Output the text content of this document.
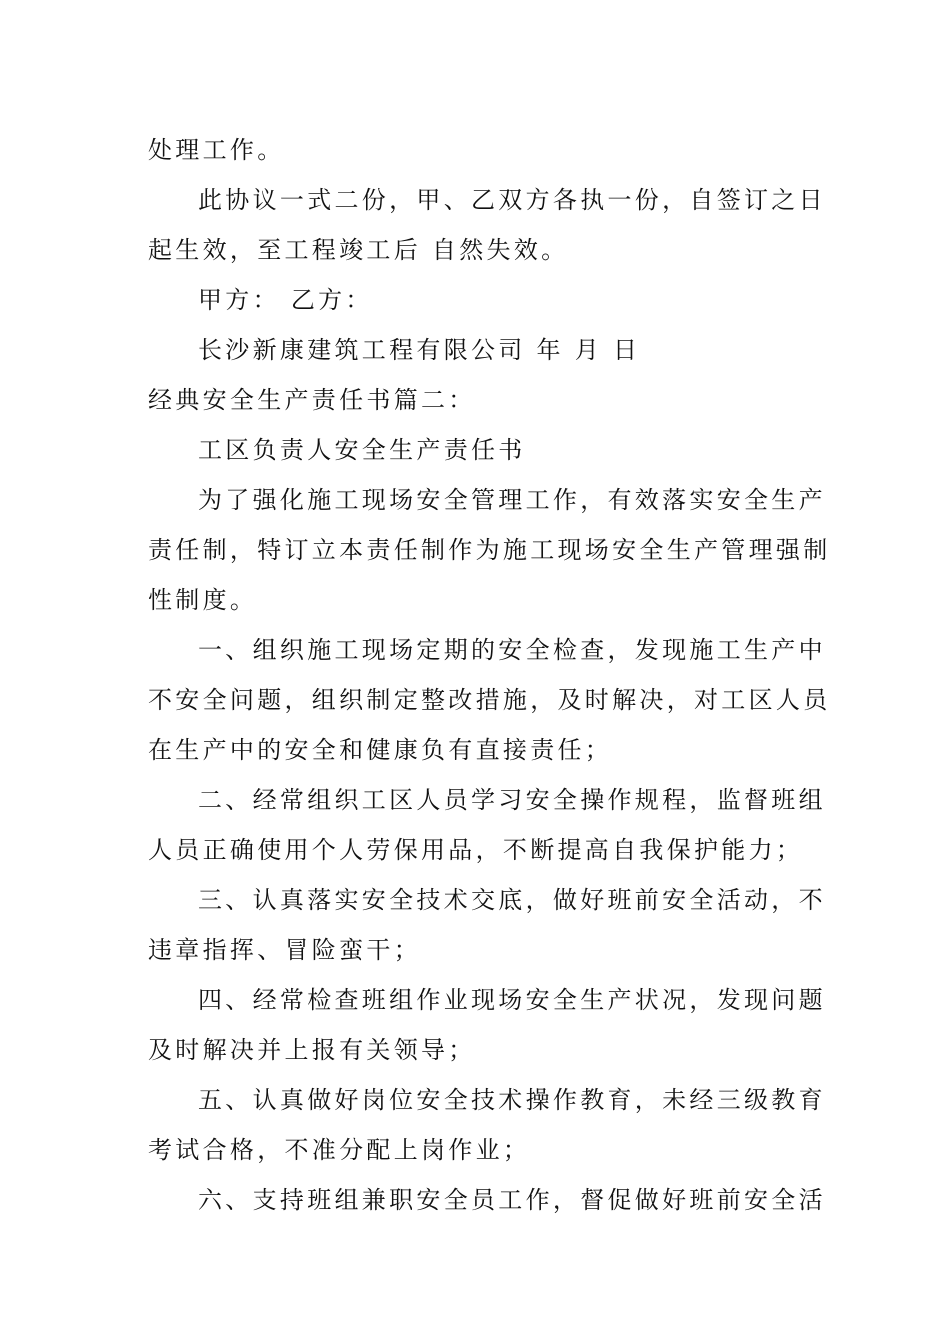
处理工作。
此协议一式二份，甲、乙双方各执一份，自签订之日
起生效，至工程竣工后 自然失效。
甲方： 乙方：
长沙新康建筑工程有限公司 年 月 日
经典安全生产责任书篇二：
工区负责人安全生产责任书
为了强化施工现场安全管理工作，有效落实安全生产
责任制，特订立本责任制作为施工现场安全生产管理强制
性制度。
一、组织施工现场定期的安全检查，发现施工生产中
不安全问题，组织制定整改措施，及时解决，对工区人员
在生产中的安全和健康负有直接责任；
二、经常组织工区人员学习安全操作规程，监督班组
人员正确使用个人劳保用品，不断提高自我保护能力；
三、认真落实安全技术交底，做好班前安全活动，不
违章指挥、冒险蛮干；
四、经常检查班组作业现场安全生产状况，发现问题
及时解决并上报有关领导；
五、认真做好岗位安全技术操作教育，未经三级教育
考试合格，不准分配上岗作业；
六、支持班组兼职安全员工作，督促做好班前安全活
